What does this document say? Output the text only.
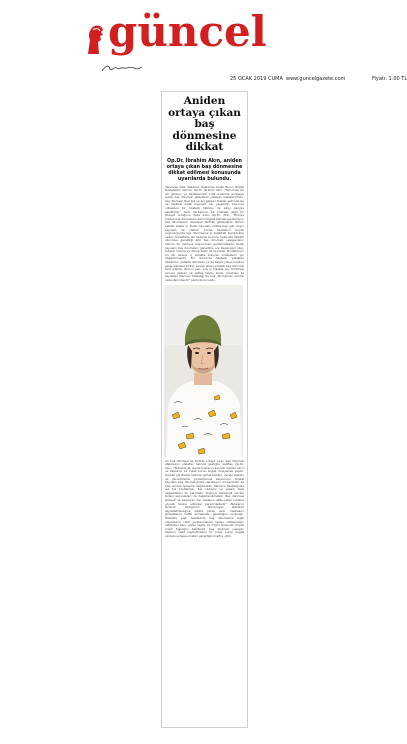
güncel
25 OCAK 2019 CUMA www.guncelgazete.com	Fiyatı: 1.00 TL
Aniden ortaya çıkan baş dönmesine dikkat
Op.Dr. İbrahim Akın, aniden ortaya çıkan baş dönmesine dikkat edilmesi konusunda uyarılarda bulundu.
Sanko/ap Özel Akademi Hastanesi Kulak Burun Boğaz Hastalıkları Uzmanı Op.Dr. İbrahim Akın, "Toplumda sık sık görülen ve hastalarımızı ciddi anlamda endişeye sokan baş dönmesi şikayetleri yaşayan hastalarımızın, baş dönmesi hissi tek ve ani gelişen ataklar şeklinde ise ve özellikle kulak kaynaklı ise, yaşamları boyunca nükseden bir hastalık tablosu ile karşı karşıya kalabilirler" dedi. Vertigonun bir hastalık değil bir şikayet olduğunu ifade eden Op.Dr. Akın, "Türkiye aniden baş dönmesine karşı bilgisiz kalmak gerekmiyor, baş dönmesinin nedenleri farklılık gösterebilir. Bunun sebebi başta iç kulak kaynaklı olabileceği gibi beyin kaynaklı da olabilir. Ancak hastaların büyük çoğunluğunda baş dönmesine iç kulaktaki bozukluklar neden olmaktadır. Bu nedenle bu konu hakkında dikkatli olunması gerektiği gibi baş dönmesi yaşayanların hemen bir uzmana başvurması gerekmektedir. Kulak kaynaklı baş dönmeleri genellikle ani başlangıçlı olup, bulantı, kusma ve denge kaybı ile seyreder. Bu tablonun en sık nedeni iç kulakta bulunan kristallerin yer değiştirmesidir. Bu durumda hastalar yataktan kalkarken, yatakta dönerken ya da başını yukarı kaldırıp aşağı eğerken birkaç saniye süren şiddetli baş dönmesi tarif ederler. Bunun yanı sıra iç kulakta sıvı birikmesi sonucu gelişen ve işitme kaybı, kulak çınlaması ile seyreden Meniere hastalığı da baş dönmesinin önemli nedenlerindendir" şeklinde konuştu.
arı baş dönmesi ile birlikte ortaya çıkan baş dönmesi ataklarının nöbetler halinde geldiğini belirten Op.Dr. Akın, "Tedavide ilk olarak hastanın ayrıntılı öyküsü alınır ve kapsamlı bir kulak burun boğaz muayenesi yapılır. Gerekli görülmesi halinde işitme testleri, denge testleri ve görüntüleme yöntemlerine başvurulur. Kristal kaynaklı baş dönmelerinde repozisyon manevraları ile kısa sürede iyileşme sağlanabilir. Meniere hastalığında ise tuz kısıtlaması, ilaç tedavisi ve yaşam tarzı değişiklikleri ön plandadır. Dirençli vakalarda cerrahi tedavi seçenekleri de değerlendirilebilir. Baş dönmesi şikayeti ile başvuran her hastanın altta yatan nedene yönelik tedavi edilmesi gerekmektedir" ifadelerini kullandı. Vertigonun tekrarlayan ataklarla seyredebileceğine dikkat çeken Akın, hastaların şikayetlerini hafife almamaları gerektiğini vurguladı. Özellikle yaşlı hastalarda baş dönmesine bağlı düşmelerin ciddi yaralanmalara neden olabileceğini hatırlatan Akın, erken teşhis ve doğru tedavinin büyük önem taşıdığını belirterek, baş dönmesi yaşayan kişilerin vakit kaybetmeden bir kulak burun boğaz uzmanına başvurmaları gerektiğinin altını çizdi.
